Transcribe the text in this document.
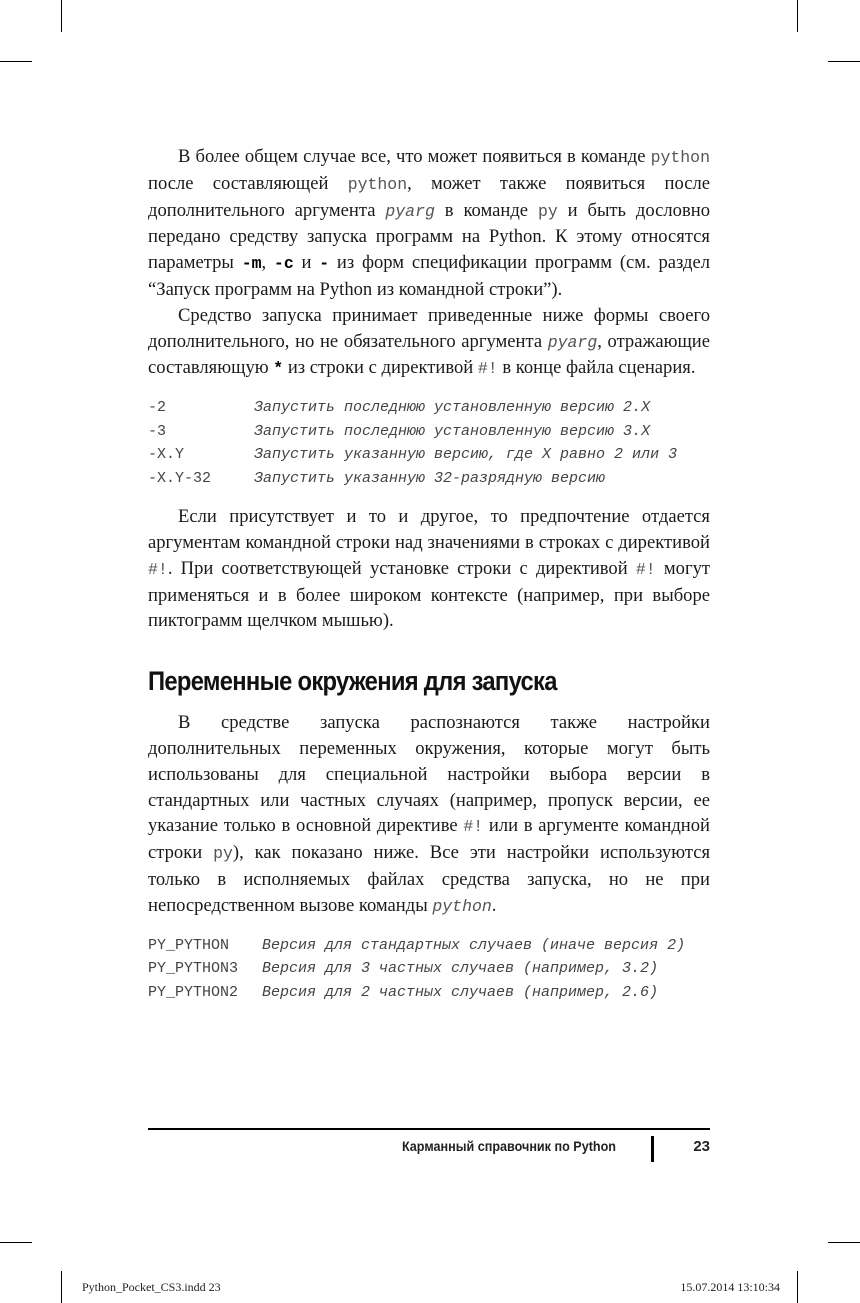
В более общем случае все, что может появиться в команде python после составляющей python, может также появиться после дополнительного аргумента pyarg в команде py и быть дословно передано средству запуска программ на Python. К этому относятся параметры -m, -c и - из форм спецификации программ (см. раздел “Запуск программ на Python из командной строки”).

Средство запуска принимает приведенные ниже формы своего дополнительного, но не обязательного аргумента pyarg, отражающие составляющую * из строки с директивой #! в конце файла сценария.

-2	Запустить последнюю установленную версию 2.X
-3	Запустить последнюю установленную версию 3.X
-X.Y	Запустить указанную версию, где X равно 2 или 3
-X.Y-32	Запустить указанную 32-разрядную версию

Если присутствует и то и другое, то предпочтение отдается аргументам командной строки над значениями в строках с директивой #!. При соответствующей установке строки с директивой #! могут применяться и в более широком контексте (например, при выборе пиктограмм щелчком мышью).

Переменные окружения для запуска

В средстве запуска распознаются также настройки дополнительных переменных окружения, которые могут быть использованы для специальной настройки выбора версии в стандартных или частных случаях (например, пропуск версии, ее указание только в основной директиве #! или в аргументе командной строки py), как показано ниже. Все эти настройки используются только в исполняемых файлах средства запуска, но не при непосредственном вызове команды python.

PY_PYTHON	Версия для стандартных случаев (иначе версия 2)
PY_PYTHON3	Версия для 3 частных случаев (например, 3.2)
PY_PYTHON2	Версия для 2 частных случаев (например, 2.6)
Карманный справочник по Python	23
Python_Pocket_CS3.indd 23	15.07.2014 13:10:34
